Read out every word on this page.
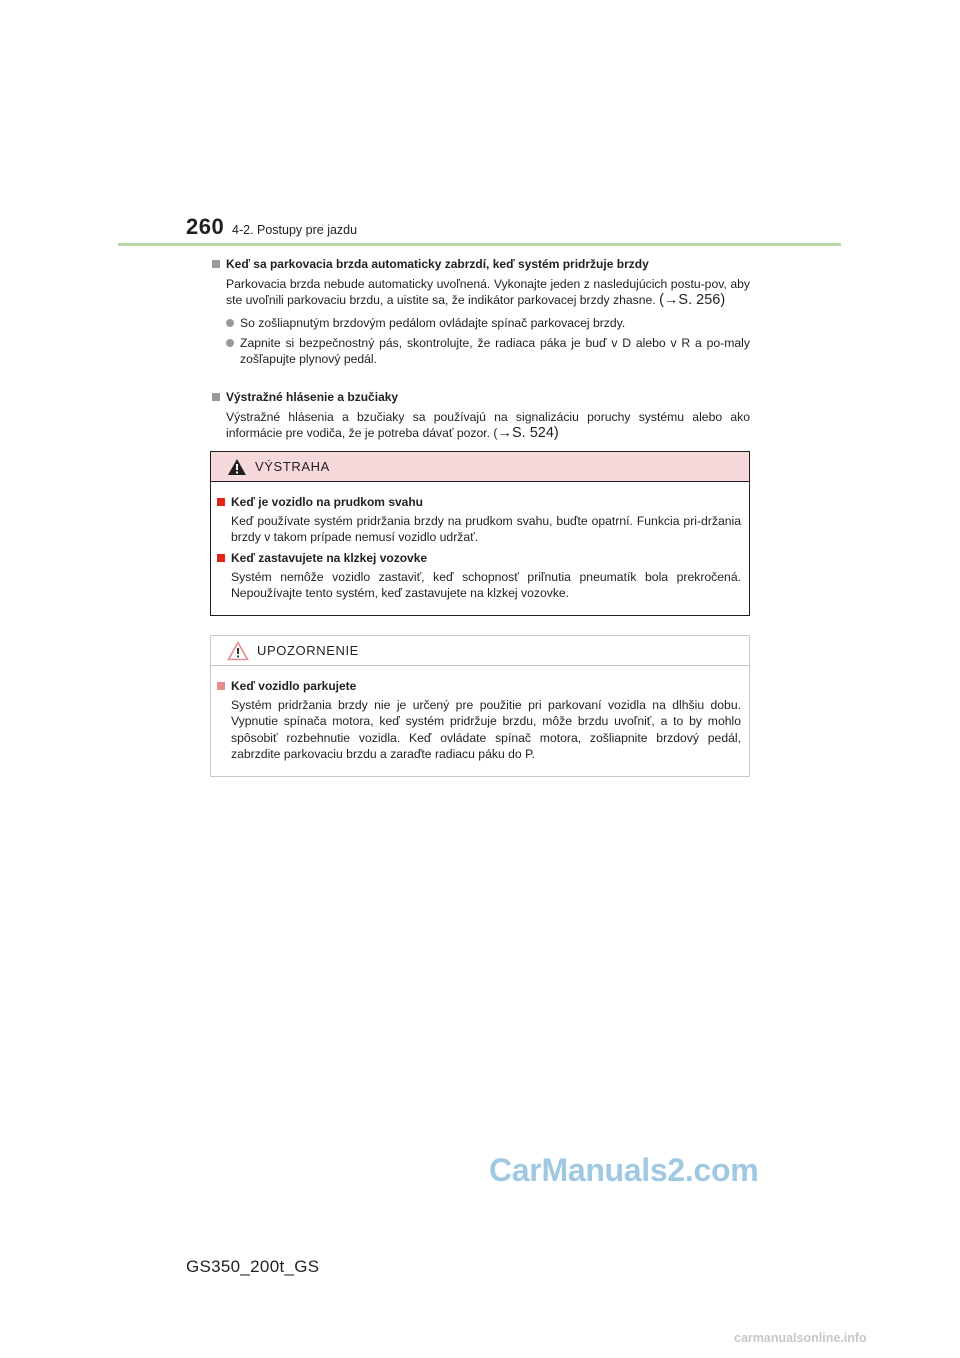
260 4-2. Postupy pre jazdu
Keď sa parkovacia brzda automaticky zabrzdí, keď systém pridržuje brzdy
Parkovacia brzda nebude automaticky uvoľnená. Vykonajte jeden z nasledujúcich postu-pov, aby ste uvoľnili parkovaciu brzdu, a uistite sa, že indikátor parkovacej brzdy zhasne. (→S. 256)
So zošliapnutým brzdovým pedálom ovládajte spínač parkovacej brzdy.
Zapnite si bezpečnostný pás, skontrolujte, že radiaca páka je buď v D alebo v R a po-maly zošľapujte plynový pedál.
Výstražné hlásenie a bzučiaky
Výstražné hlásenia a bzučiaky sa používajú na signalizáciu poruchy systému alebo ako informácie pre vodiča, že je potreba dávať pozor. (→S. 524)
VÝSTRAHA
Keď je vozidlo na prudkom svahu
Keď používate systém pridržania brzdy na prudkom svahu, buďte opatrní. Funkcia pri-držania brzdy v takom prípade nemusí vozidlo udržať.
Keď zastavujete na klzkej vozovke
Systém nemôže vozidlo zastaviť, keď schopnosť priľnutia pneumatík bola prekročená. Nepoužívajte tento systém, keď zastavujete na klzkej vozovke.
UPOZORNENIE
Keď vozidlo parkujete
Systém pridržania brzdy nie je určený pre použitie pri parkovaní vozidla na dlhšiu dobu. Vypnutie spínača motora, keď systém pridržuje brzdu, môže brzdu uvoľniť, a to by mohlo spôsobiť rozbehnutie vozidla. Keď ovládate spínač motora, zošliapnite brzdový pedál, zabrzdite parkovaciu brzdu a zaraďte radiacu páku do P.
CarManuals2.com
GS350_200t_GS
carmanualsonline.info
